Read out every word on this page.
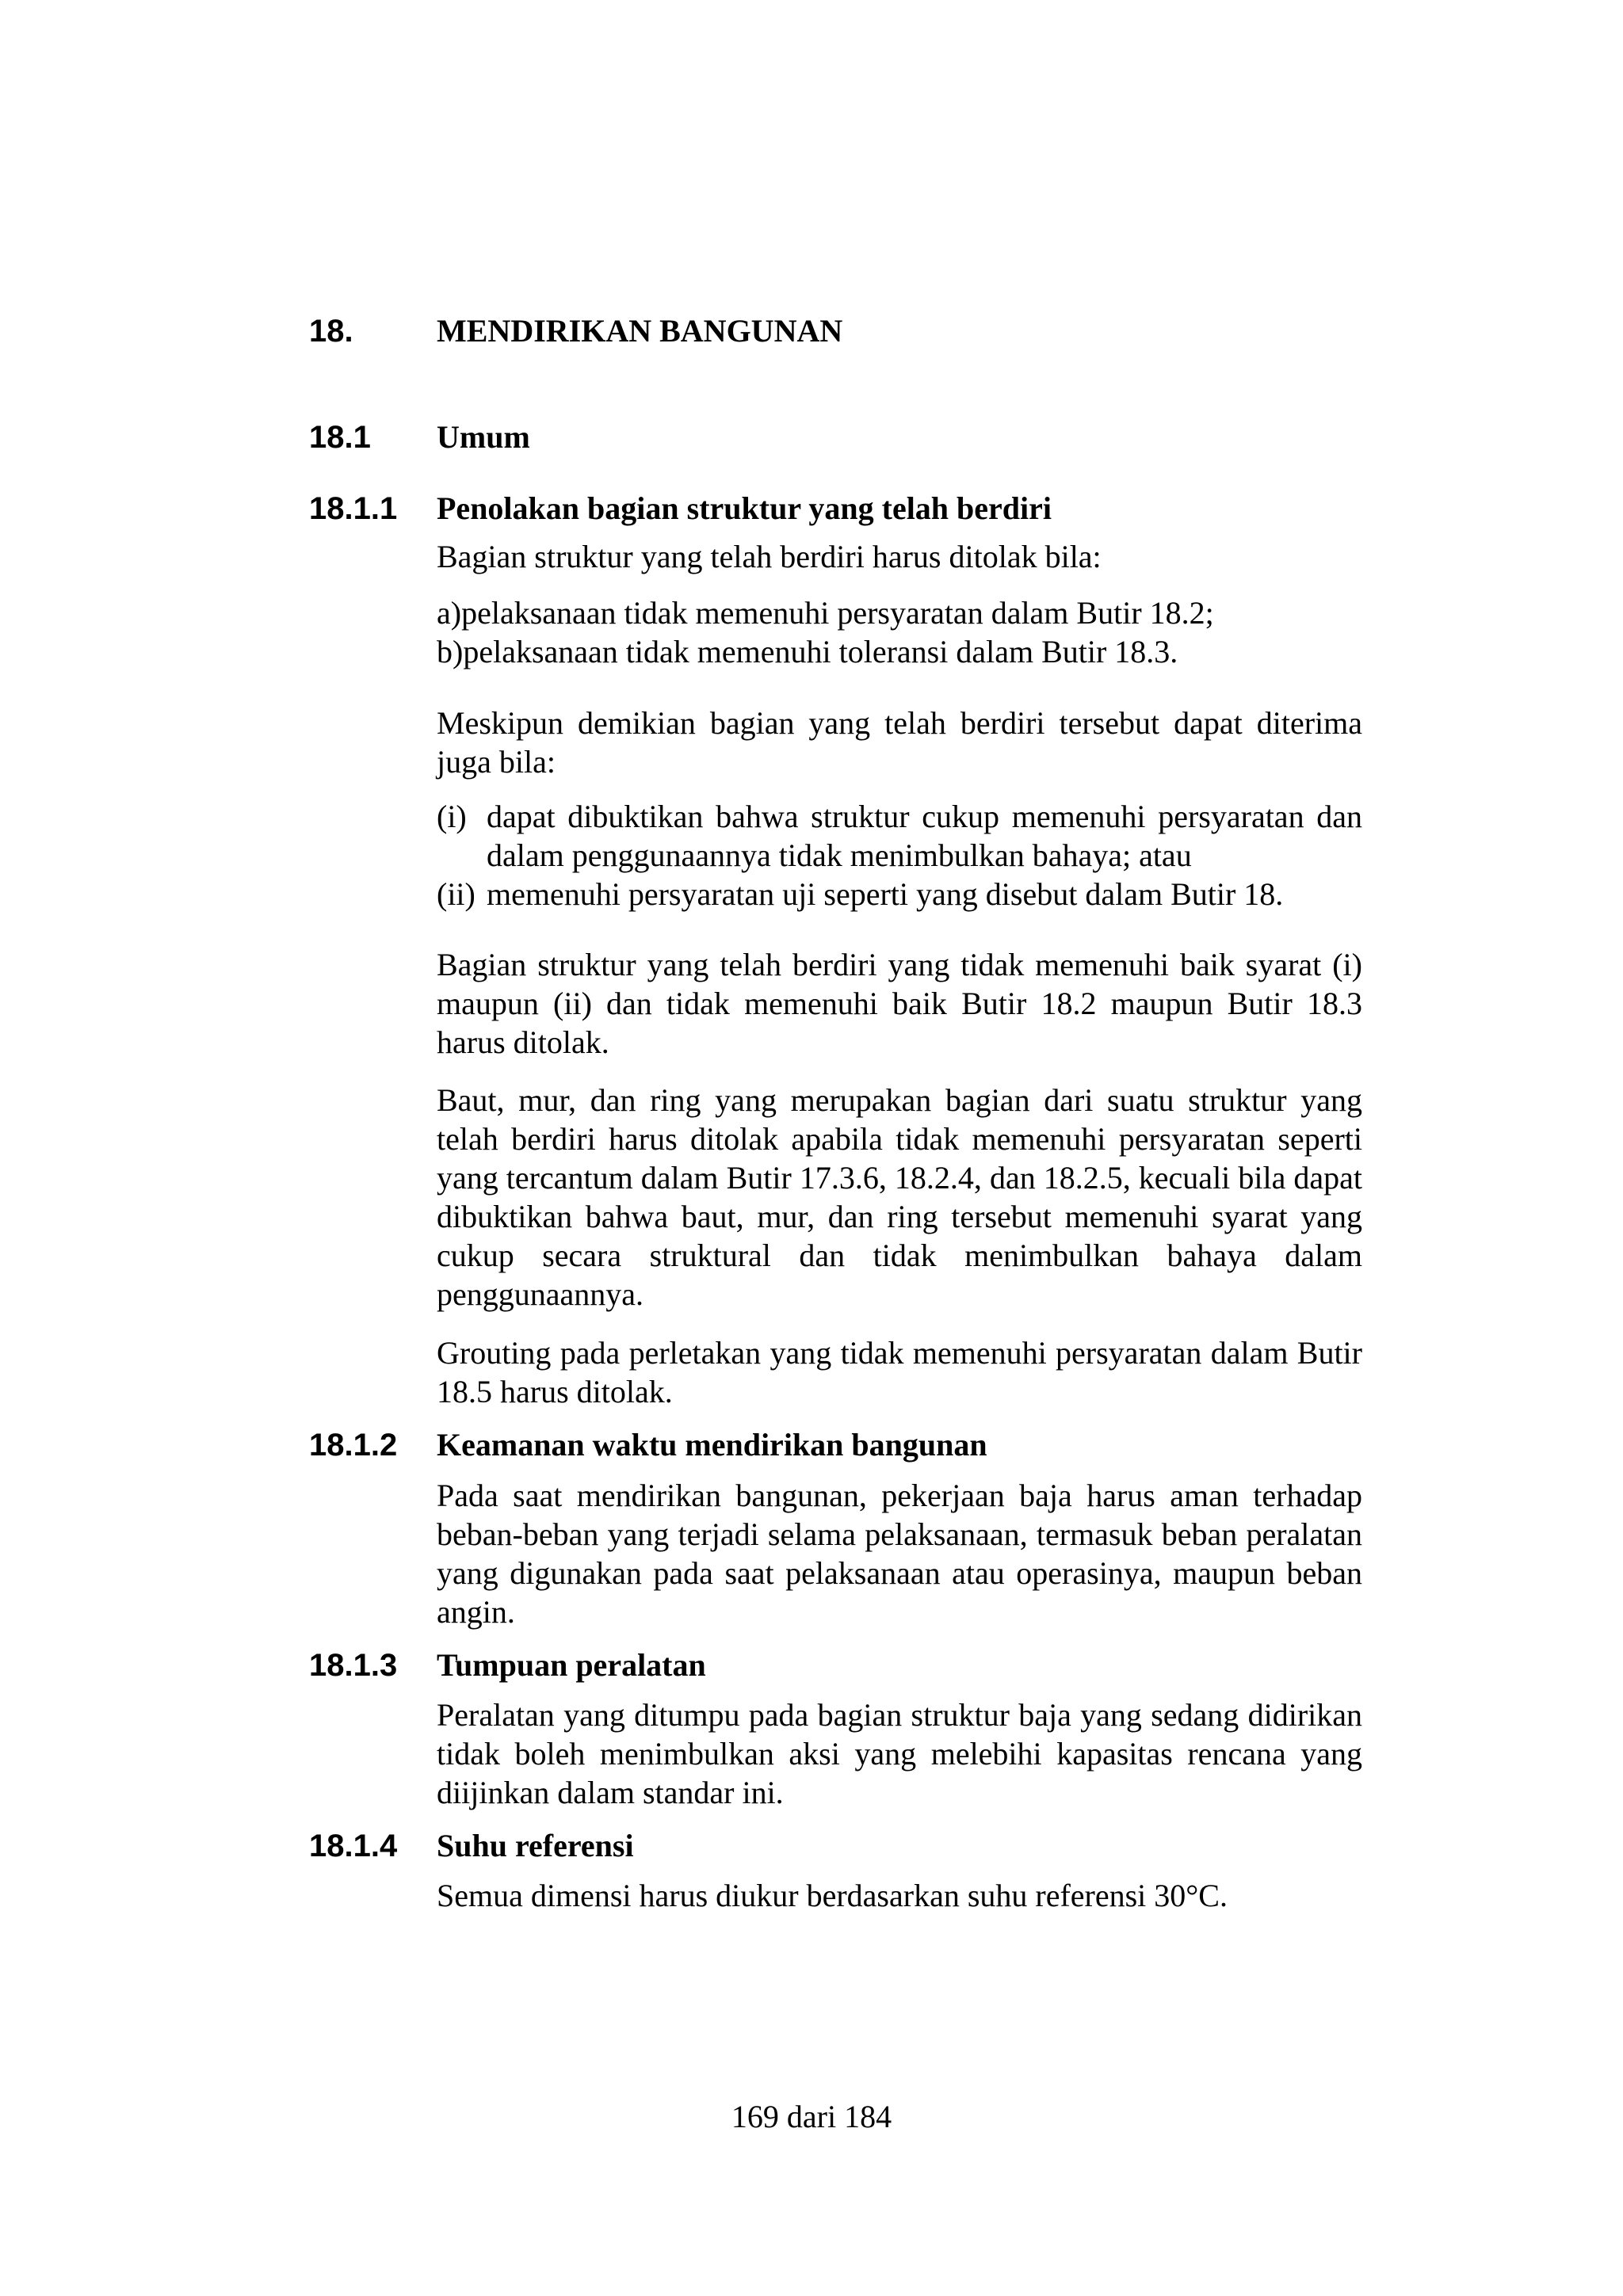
18.	MENDIRIKAN BANGUNAN
18.1 Umum
18.1.1 Penolakan bagian struktur yang telah berdiri
Bagian struktur yang telah berdiri harus ditolak bila:
a)pelaksanaan tidak memenuhi persyaratan dalam Butir 18.2;
b)pelaksanaan tidak memenuhi toleransi dalam Butir 18.3.

Meskipun demikian bagian yang telah berdiri tersebut dapat diterima juga bila:

(i) dapat dibuktikan bahwa struktur cukup memenuhi persyaratan dan dalam penggunaannya tidak menimbulkan bahaya; atau
(ii) memenuhi persyaratan uji seperti yang disebut dalam Butir 18.

Bagian struktur yang telah berdiri yang tidak memenuhi baik syarat (i) maupun (ii) dan tidak memenuhi baik Butir 18.2 maupun Butir 18.3 harus ditolak.

Baut, mur, dan ring yang merupakan bagian dari suatu struktur yang telah berdiri harus ditolak apabila tidak memenuhi persyaratan seperti yang tercantum dalam Butir 17.3.6, 18.2.4, dan 18.2.5, kecuali bila dapat dibuktikan bahwa baut, mur, dan ring tersebut memenuhi syarat yang cukup secara struktural dan tidak menimbulkan bahaya dalam penggunaannya.

Grouting pada perletakan yang tidak memenuhi persyaratan dalam Butir 18.5 harus ditolak.

18.1.2 Keamanan waktu mendirikan bangunan

Pada saat mendirikan bangunan, pekerjaan baja harus aman terhadap beban-beban yang terjadi selama pelaksanaan, termasuk beban peralatan yang digunakan pada saat pelaksanaan atau operasinya, maupun beban angin.

18.1.3 Tumpuan peralatan

Peralatan yang ditumpu pada bagian struktur baja yang sedang didirikan tidak boleh menimbulkan aksi yang melebihi kapasitas rencana yang diijinkan dalam standar ini.

18.1.4 Suhu referensi
Semua dimensi harus diukur berdasarkan suhu referensi 30°C.
169 dari 184
